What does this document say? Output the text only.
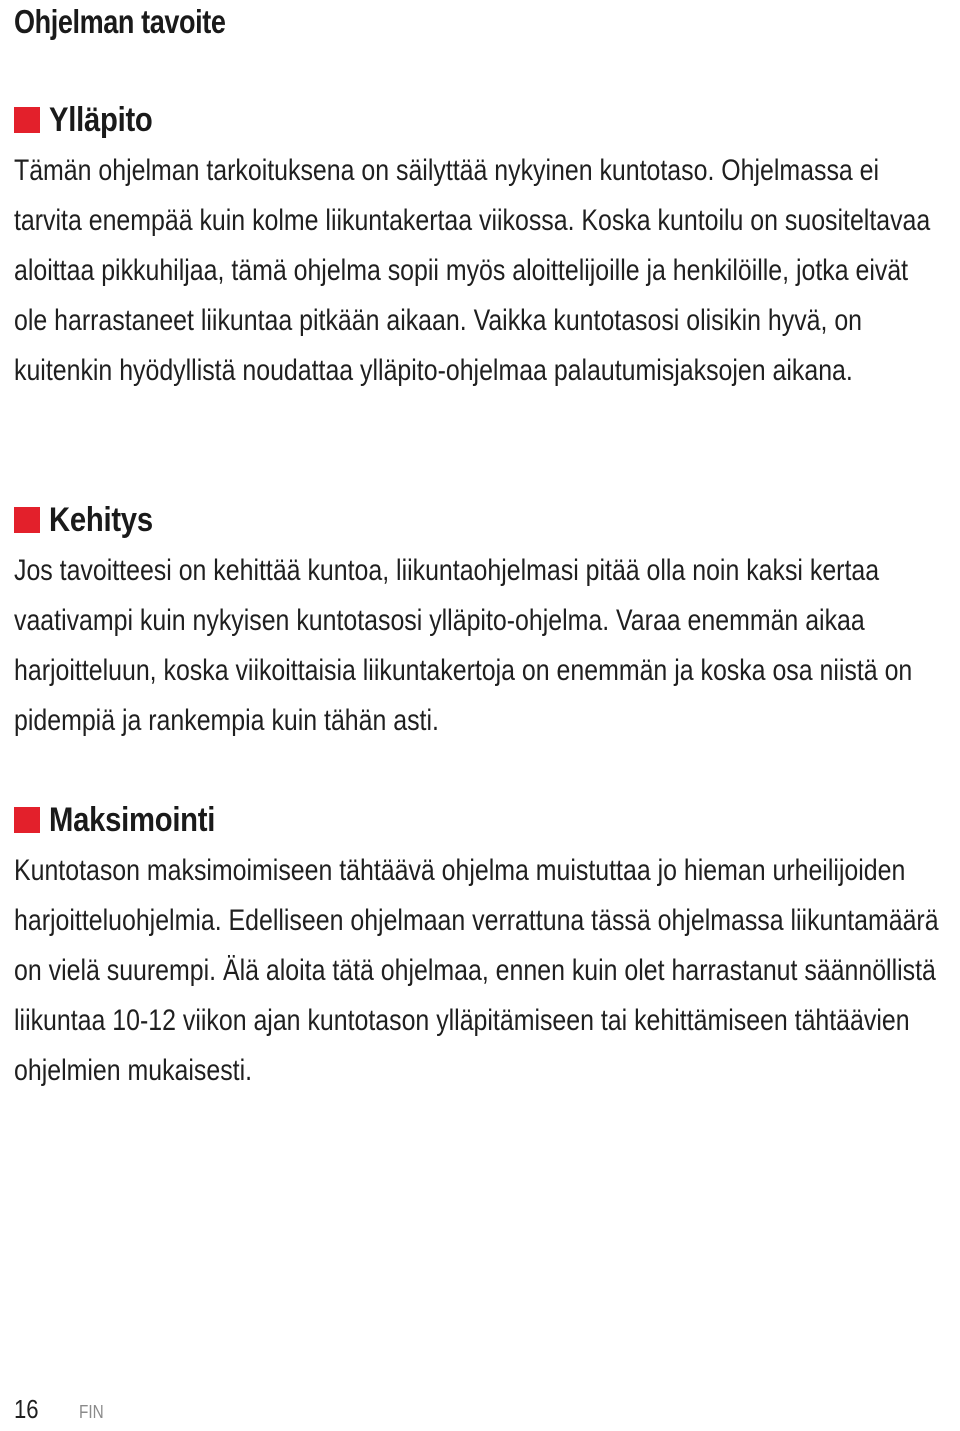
Ohjelman tavoite
Ylläpito

Tämän ohjelman tarkoituksena on säilyttää nykyinen kuntotaso. Ohjelmassa ei tarvita enempää kuin kolme liikuntakertaa viikossa. Koska kuntoilu on suositeltavaa aloittaa pikkuhiljaa, tämä ohjelma sopii myös aloittelijoille ja henkilöille, jotka eivät ole harrastaneet liikuntaa pitkään aikaan. Vaikka kuntotasosi olisikin hyvä, on kuitenkin hyödyllistä noudattaa ylläpito-ohjelmaa palautumisjaksojen aikana.

Kehitys

Jos tavoitteesi on kehittää kuntoa, liikuntaohjelmasi pitää olla noin kaksi kertaa vaativampi kuin nykyisen kuntotasosi ylläpito-ohjelma. Varaa enemmän aikaa harjoitteluun, koska viikoittaisia liikuntakertoja on enemmän ja koska osa niistä on pidempiä ja rankempia kuin tähän asti.

Maksimointi

Kuntotason maksimoimiseen tähtäävä ohjelma muistuttaa jo hieman urheilijoiden harjoitteluohjelmia. Edelliseen ohjelmaan verrattuna tässä ohjelmassa liikuntamäärä on vielä suurempi. Älä aloita tätä ohjelmaa, ennen kuin olet harrastanut säännöllistä liikuntaa 10-12 viikon ajan kuntotason ylläpitämiseen tai kehittämiseen tähtäävien ohjelmien mukaisesti.

16 FIN
